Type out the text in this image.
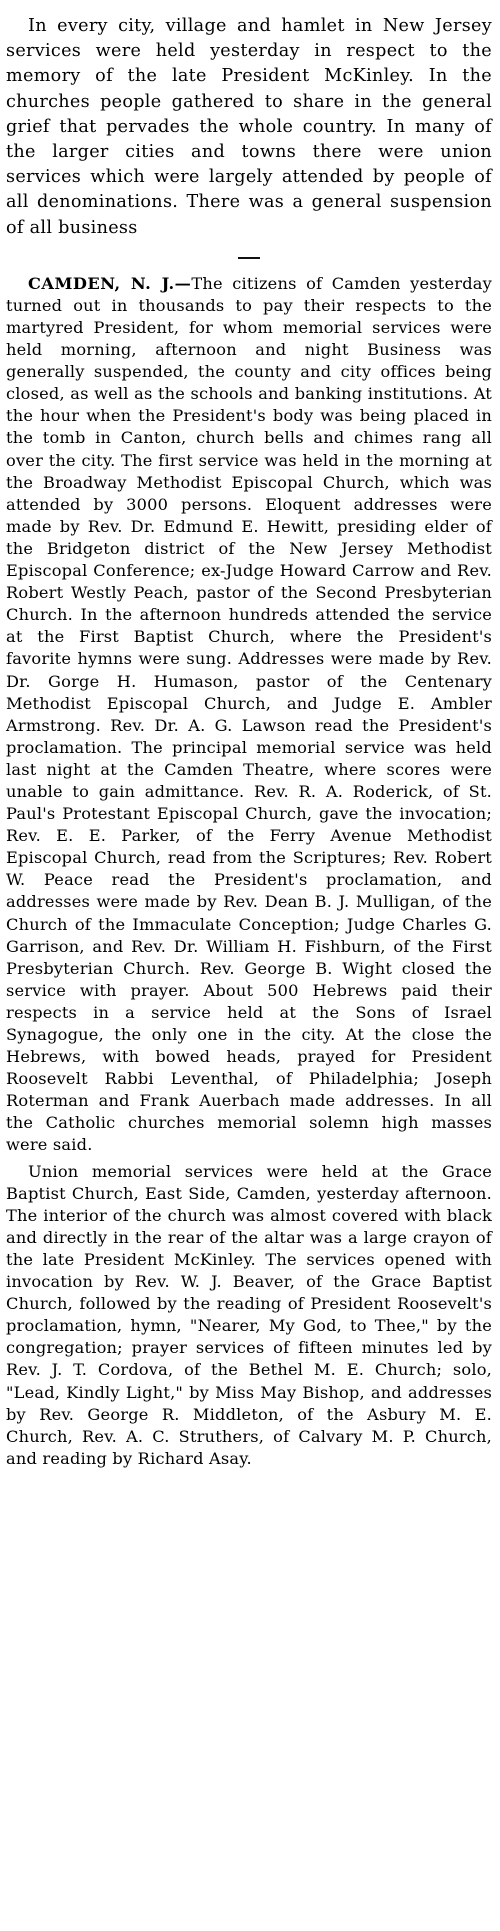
In every city, village and hamlet in New Jersey services were held yesterday in respect to the memory of the late President McKinley. In the churches people gathered to share in the general grief that pervades the whole country. In many of the larger cities and towns there were union services which were largely attended by people of all denominations. There was a general suspension of all business

CAMDEN, N. J.—The citizens of Camden yesterday turned out in thousands to pay their respects to the martyred President, for whom memorial services were held morning, afternoon and night Business was generally suspended, the county and city offices being closed, as well as the schools and banking institutions. At the hour when the President's body was being placed in the tomb in Canton, church bells and chimes rang all over the city. The first service was held in the morning at the Broadway Methodist Episcopal Church, which was attended by 3000 persons. Eloquent addresses were made by Rev. Dr. Edmund E. Hewitt, presiding elder of the Bridgeton district of the New Jersey Methodist Episcopal Conference; ex-Judge Howard Carrow and Rev. Robert Westly Peach, pastor of the Second Presbyterian Church. In the afternoon hundreds attended the service at the First Baptist Church, where the President's favorite hymns were sung. Addresses were made by Rev. Dr. Gorge H. Humason, pastor of the Centenary Methodist Episcopal Church, and Judge E. Ambler Armstrong. Rev. Dr. A. G. Lawson read the President's proclamation. The principal memorial service was held last night at the Camden Theatre, where scores were unable to gain admittance. Rev. R. A. Roderick, of St. Paul's Protestant Episcopal Church, gave the invocation; Rev. E. E. Parker, of the Ferry Avenue Methodist Episcopal Church, read from the Scriptures; Rev. Robert W. Peace read the President's proclamation, and addresses were made by Rev. Dean B. J. Mulligan, of the Church of the Immaculate Conception; Judge Charles G. Garrison, and Rev. Dr. William H. Fishburn, of the First Presbyterian Church. Rev. George B. Wight closed the service with prayer. About 500 Hebrews paid their respects in a service held at the Sons of Israel Synagogue, the only one in the city. At the close the Hebrews, with bowed heads, prayed for President Roosevelt Rabbi Leventhal, of Philadelphia; Joseph Roterman and Frank Auerbach made addresses. In all the Catholic churches memorial solemn high masses were said.

Union memorial services were held at the Grace Baptist Church, East Side, Camden, yesterday afternoon. The interior of the church was almost covered with black and directly in the rear of the altar was a large crayon of the late President McKinley. The services opened with invocation by Rev. W. J. Beaver, of the Grace Baptist Church, followed by the reading of President Roosevelt's proclamation, hymn, "Nearer, My God, to Thee," by the congregation; prayer services of fifteen minutes led by Rev. J. T. Cordova, of the Bethel M. E. Church; solo, "Lead, Kindly Light," by Miss May Bishop, and addresses by Rev. George R. Middleton, of the Asbury M. E. Church, Rev. A. C. Struthers, of Calvary M. P. Church, and reading by Richard Asay.
